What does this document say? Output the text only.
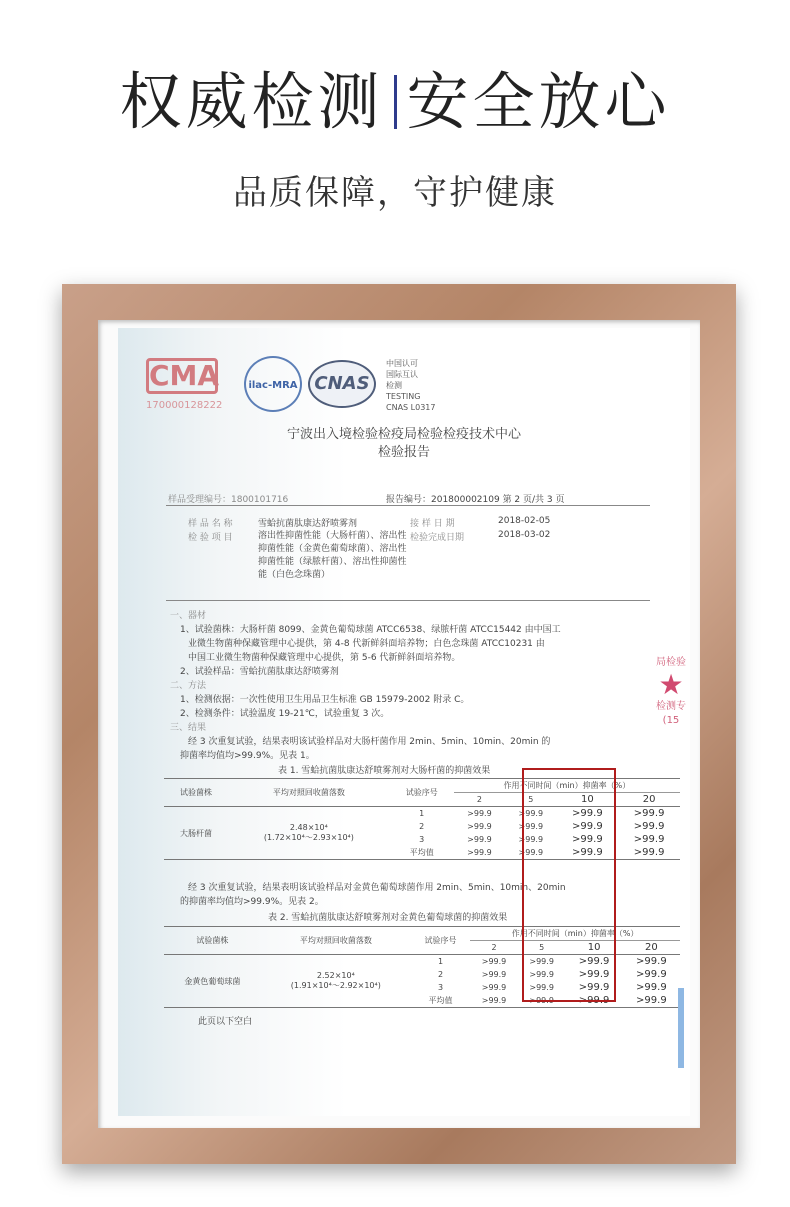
权威检测 安全放心
品质保障，守护健康
CMA
170000128222
ilac-MRA CNAS
中国认可
国际互认
检测
TESTING
CNAS L0317
宁波出入境检验检疫局检验检疫技术中心
检验报告
样品受理编号：1800101716	报告编号：201800002109 第 2 页/共 3 页
样 品 名 称	雪蛤抗菌肽康达舒喷雾剂	接 样 日 期	2018-02-05
检 验 项 目	溶出性抑菌性能（大肠杆菌）、溶出性抑菌性能（金黄色葡萄球菌）、溶出性抑菌性能（绿脓杆菌）、溶出性抑菌性能（白色念珠菌）
检验完成日期	2018-03-02
一、器材
1、试验菌株：大肠杆菌 8099、金黄色葡萄球菌 ATCC6538、绿脓杆菌 ATCC15442 由中国工
业微生物菌种保藏管理中心提供，第 4-8 代新鲜斜面培养物；白色念珠菌 ATCC10231 由
中国工业微生物菌种保藏管理中心提供，第 5-6 代新鲜斜面培养物。
2、试验样品：雪蛤抗菌肽康达舒喷雾剂
二、方法
1、检测依据：一次性使用卫生用品卫生标准 GB 15979-2002 附录 C。
2、检测条件：试验温度 19-21℃，试验重复 3 次。
三、结果
经 3 次重复试验，结果表明该试验样品对大肠杆菌作用 2min、5min、10min、20min 的
抑菌率均值均>99.9%。见表 1。
表 1. 雪蛤抗菌肽康达舒喷雾剂对大肠杆菌的抑菌效果
试验菌株	平均对照回收菌落数	试验序号	作用不同时间（min）抑菌率（%）			
			2	5	10	20
大肠杆菌	2.48×10⁴
(1.72×10⁴～2.93×10⁴)	1	>99.9	>99.9	>99.9	>99.9
		2	>99.9	>99.9	>99.9	>99.9
		3	>99.9	>99.9	>99.9	>99.9
		平均值	>99.9	>99.9	>99.9	>99.9
经 3 次重复试验，结果表明该试验样品对金黄色葡萄球菌作用 2min、5min、10min、20min
的抑菌率均值均>99.9%。见表 2。
表 2. 雪蛤抗菌肽康达舒喷雾剂对金黄色葡萄球菌的抑菌效果
试验菌株	平均对照回收菌落数	试验序号	作用不同时间（min）抑菌率（%）			
			2	5	10	20
金黄色葡萄球菌	2.52×10⁴
(1.91×10⁴～2.92×10⁴)	1	>99.9	>99.9	>99.9	>99.9
		2	>99.9	>99.9	>99.9	>99.9
		3	>99.9	>99.9	>99.9	>99.9
		平均值	>99.9	>99.9	>99.9	>99.9
此页以下空白
局检验
★
检测专
(15
